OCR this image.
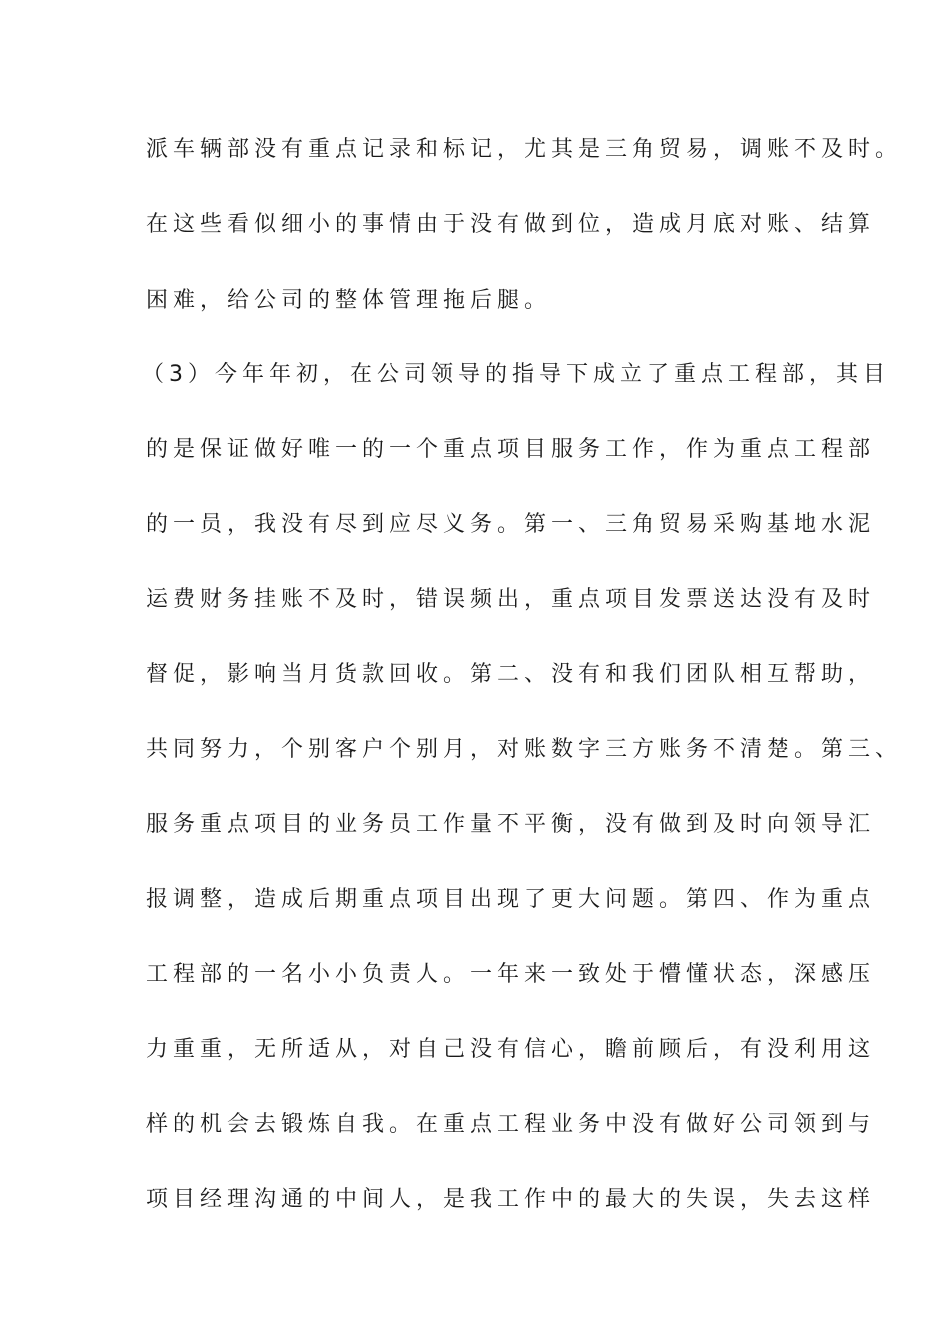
派车辆部没有重点记录和标记，尤其是三角贸易，调账不及时。
在这些看似细小的事情由于没有做到位，造成月底对账、结算
困难，给公司的整体管理拖后腿。
（3）今年年初，在公司领导的指导下成立了重点工程部，其目
的是保证做好唯一的一个重点项目服务工作，作为重点工程部
的一员，我没有尽到应尽义务。第一、三角贸易采购基地水泥
运费财务挂账不及时，错误频出，重点项目发票送达没有及时
督促，影响当月货款回收。第二、没有和我们团队相互帮助，
共同努力，个别客户个别月，对账数字三方账务不清楚。第三、
服务重点项目的业务员工作量不平衡，没有做到及时向领导汇
报调整，造成后期重点项目出现了更大问题。第四、作为重点
工程部的一名小小负责人。一年来一致处于懵懂状态，深感压
力重重，无所适从，对自己没有信心，瞻前顾后，有没利用这
样的机会去锻炼自我。在重点工程业务中没有做好公司领到与
项目经理沟通的中间人，是我工作中的最大的失误，失去这样
